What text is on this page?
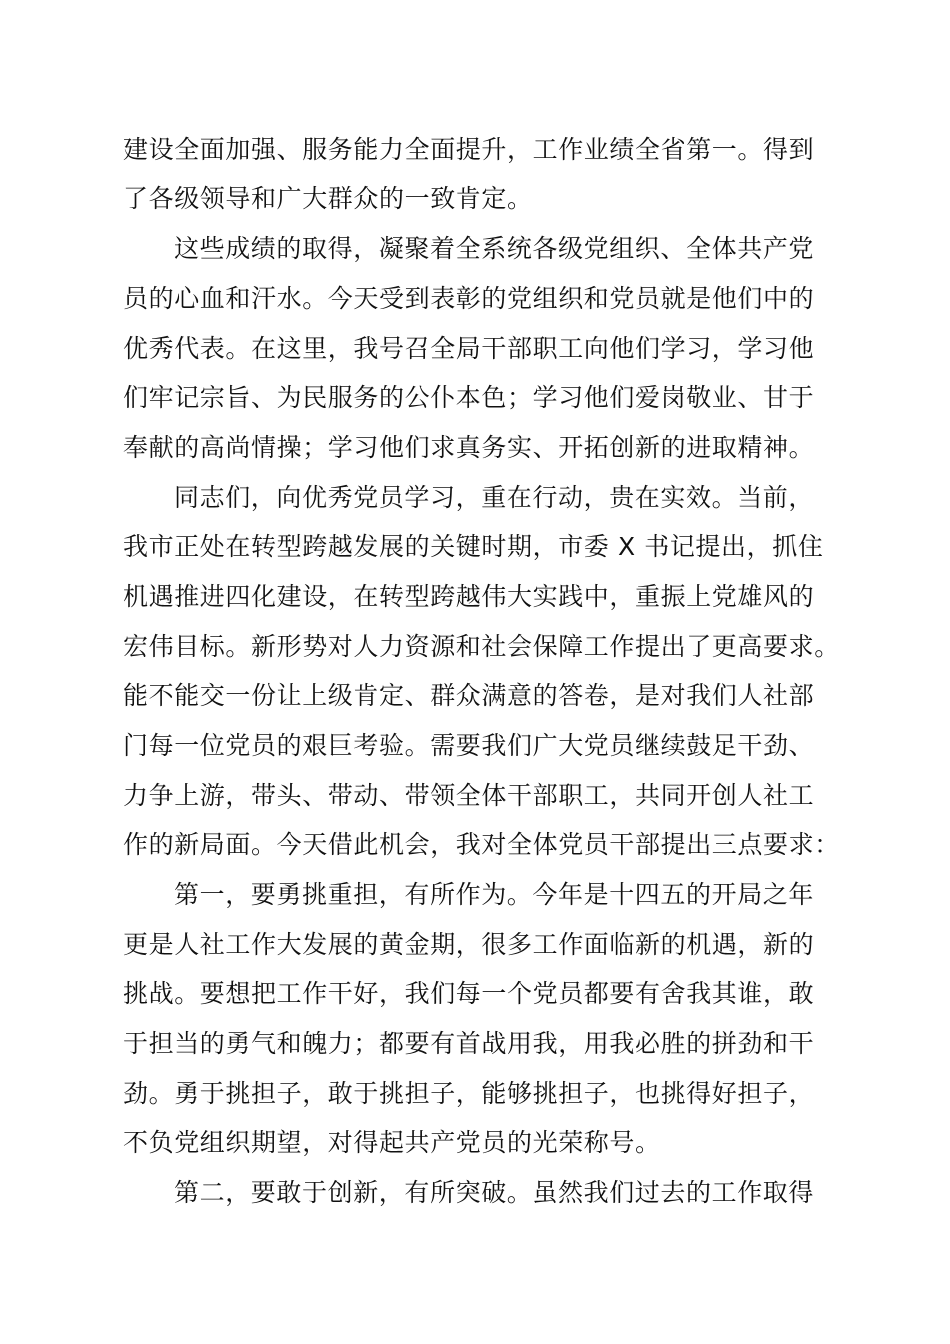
建设全面加强、服务能力全面提升，工作业绩全省第一。得到
了各级领导和广大群众的一致肯定。
这些成绩的取得，凝聚着全系统各级党组织、全体共产党
员的心血和汗水。今天受到表彰的党组织和党员就是他们中的
优秀代表。在这里，我号召全局干部职工向他们学习，学习他
们牢记宗旨、为民服务的公仆本色；学习他们爱岗敬业、甘于
奉献的高尚情操；学习他们求真务实、开拓创新的进取精神。
同志们，向优秀党员学习，重在行动，贵在实效。当前，
我市正处在转型跨越发展的关键时期，市委 X 书记提出，抓住
机遇推进四化建设，在转型跨越伟大实践中，重振上党雄风的
宏伟目标。新形势对人力资源和社会保障工作提出了更高要求。
能不能交一份让上级肯定、群众满意的答卷，是对我们人社部
门每一位党员的艰巨考验。需要我们广大党员继续鼓足干劲、
力争上游，带头、带动、带领全体干部职工，共同开创人社工
作的新局面。今天借此机会，我对全体党员干部提出三点要求：
第一，要勇挑重担，有所作为。今年是十四五的开局之年
更是人社工作大发展的黄金期，很多工作面临新的机遇，新的
挑战。要想把工作干好，我们每一个党员都要有舍我其谁，敢
于担当的勇气和魄力；都要有首战用我，用我必胜的拼劲和干
劲。勇于挑担子，敢于挑担子，能够挑担子，也挑得好担子，
不负党组织期望，对得起共产党员的光荣称号。
第二，要敢于创新，有所突破。虽然我们过去的工作取得
